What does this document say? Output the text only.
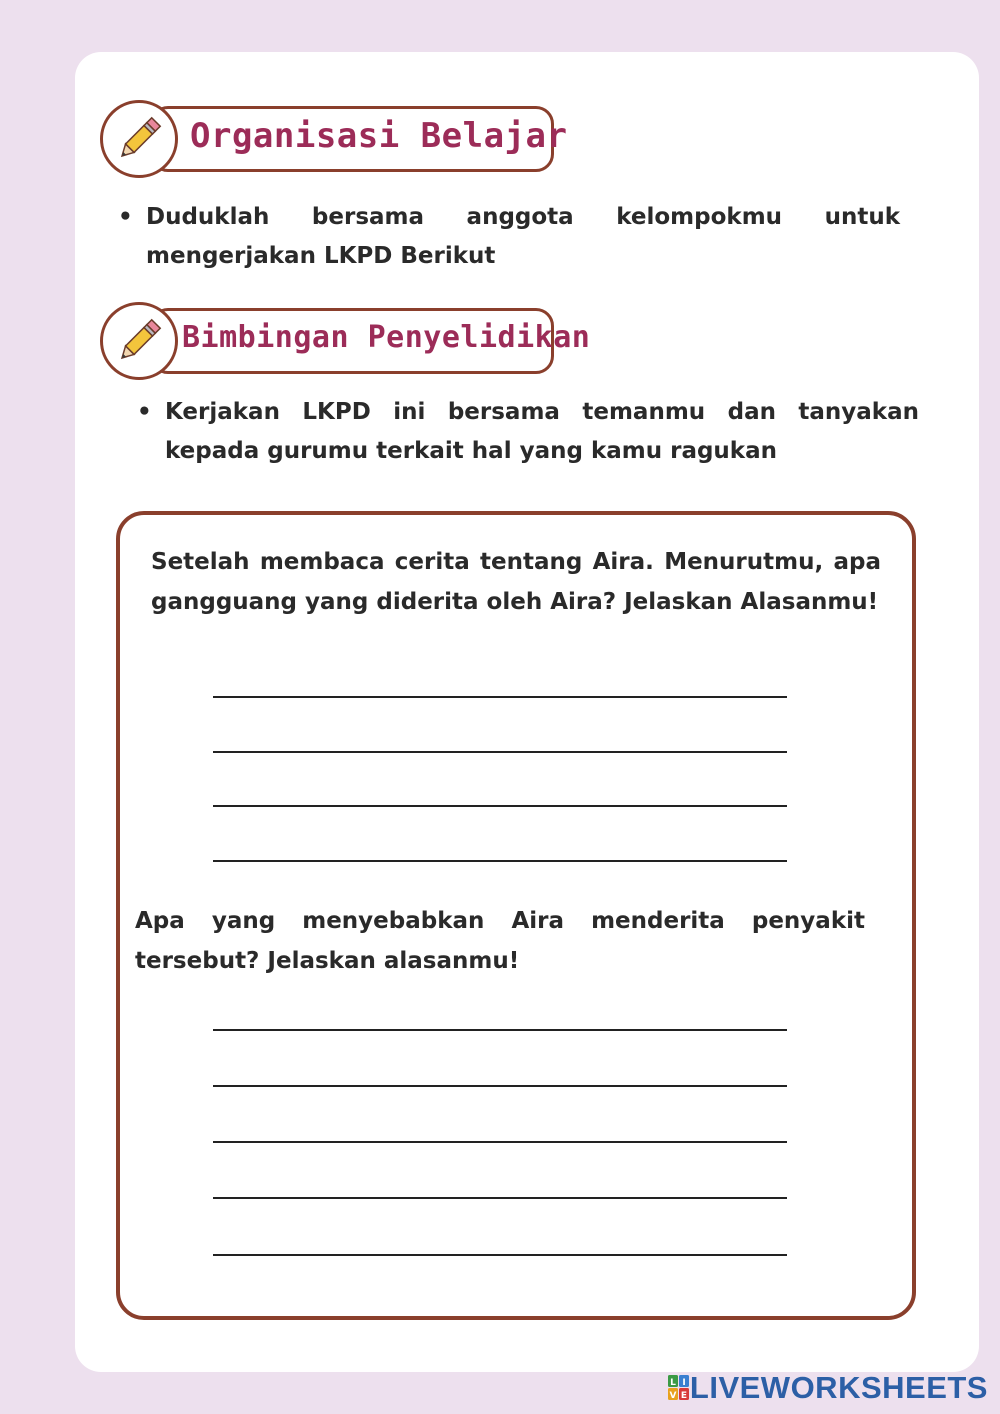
Organisasi Belajar
• Duduklah bersama anggota kelompokmu untuk mengerjakan LKPD Berikut
Bimbingan Penyelidikan
• Kerjakan LKPD ini bersama temanmu dan tanyakan kepada gurumu terkait hal yang kamu ragukan
Setelah membaca cerita tentang Aira. Menurutmu, apa gangguang yang diderita oleh Aira? Jelaskan Alasanmu!
Apa yang menyebabkan Aira menderita penyakit tersebut? Jelaskan alasanmu!
L I
V E LIVEWORKSHEETS
